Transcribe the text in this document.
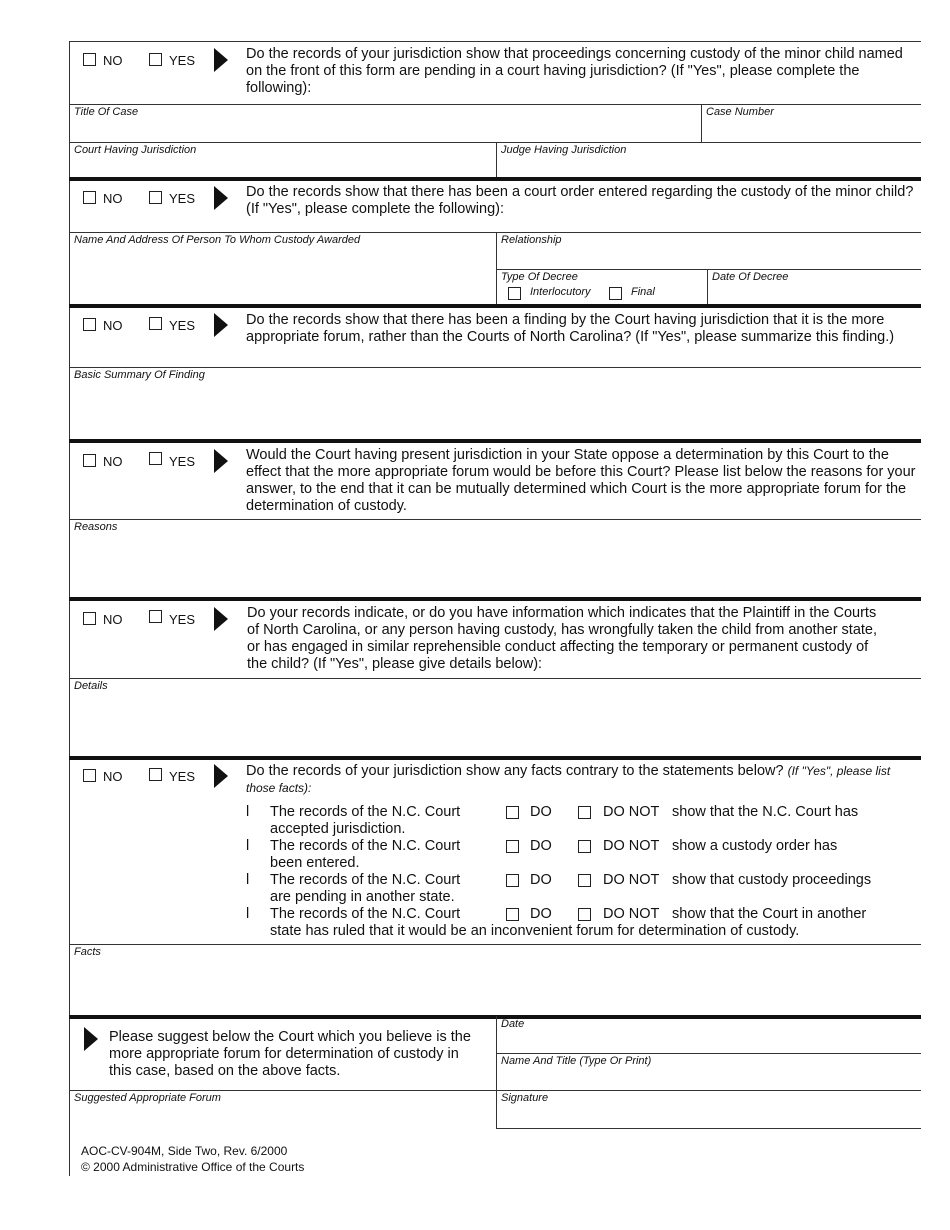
NO	YES	Do the records of your jurisdiction show that proceedings concerning custody of the minor child named on the front of this form are pending in a court having jurisdiction? (If "Yes", please complete the following):
Title Of Case	Case Number
Court Having Jurisdiction	Judge Having Jurisdiction
NO	YES	Do the records show that there has been a court order entered regarding the custody of the minor child? (If "Yes", please complete the following):
Name And Address Of Person To Whom Custody Awarded	Relationship
Type Of Decree
Interlocutory	Final
Date Of Decree
NO	YES	Do the records show that there has been a finding by the Court having jurisdiction that it is the more appropriate forum, rather than the Courts of North Carolina? (If "Yes", please summarize this finding.)
Basic Summary Of Finding
NO	YES	Would the Court having present jurisdiction in your State oppose a determination by this Court to the effect that the more appropriate forum would be before this Court? Please list below the reasons for your answer, to the end that it can be mutually determined which Court is the more appropriate forum for the determination of custody.
Reasons
NO	YES	Do your records indicate, or do you have information which indicates that the Plaintiff in the Courts of North Carolina, or any person having custody, has wrongfully taken the child from another state, or has engaged in similar reprehensible conduct affecting the temporary or permanent custody of the child? (If "Yes", please give details below):
Details
NO	YES	Do the records of your jurisdiction show any facts contrary to the statements below? (If "Yes", please list those facts):
l The records of the N.C. Court
accepted jurisdiction.
DO	DO NOT show that the N.C. Court has
l The records of the N.C. Court
been entered.
DO	DO NOT show a custody order has
l The records of the N.C. Court
are pending in another state.
DO	DO NOT show that custody proceedings
l The records of the N.C. Court
state has ruled that it would be an inconvenient forum for determination of custody.
DO	DO NOT show that the Court in another
Facts
Please suggest below the Court which you believe is the more appropriate forum for determination of custody in this case, based on the above facts.
Date
Name And Title (Type Or Print)
Suggested Appropriate Forum	Signature
AOC-CV-904M, Side Two, Rev. 6/2000
© 2000 Administrative Office of the Courts
